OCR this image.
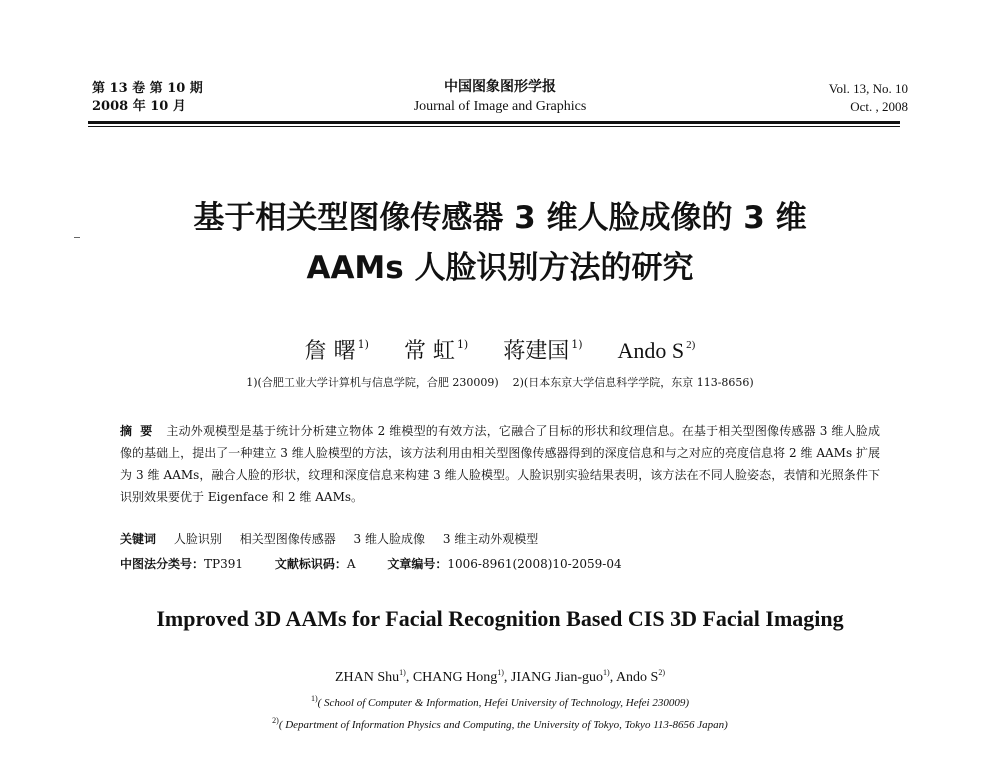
第 13 卷 第 10 期
2008 年 10 月
中国图象图形学报
Journal of Image and Graphics
Vol. 13, No. 10
Oct. , 2008
基于相关型图像传感器 3 维人脸成像的 3 维
AAMs 人脸识别方法的研究
詹 曙 $^{1)}$ 常 虹 $^{1)}$ 蒋建国 $^{1)}$ Ando S $^{2)}$
1)(合肥工业大学计算机与信息学院，合肥 230009) 2)(日本东京大学信息科学学院，东京 113-8656)
摘要 主动外观模型是基于统计分析建立物体 2 维模型的有效方法，它融合了目标的形状和纹理信息。在基于相关型图像传感器 3 维人脸成像的基础上，提出了一种建立 3 维人脸模型的方法，该方法利用由相关型图像传感器得到的深度信息和与之对应的亮度信息将 2 维 AAMs 扩展为 3 维 AAMs，融合人脸的形状，纹理和深度信息来构建 3 维人脸模型。人脸识别实验结果表明，该方法在不同人脸姿态，表情和光照条件下识别效果要优于 Eigenface 和 2 维 AAMs。
关键词 人脸识别 相关型图像传感器 3 维人脸成像 3 维主动外观模型
中图法分类号：TP391	文献标识码：A	文章编号：1006-8961(2008)10-2059-04
Improved 3D AAMs for Facial Recognition Based CIS 3D Facial Imaging
ZHAN Shu$^{1)}$, CHANG Hong$^{1)}$, JIANG Jian-guo$^{1)}$, Ando $S^{2)}$
$^{1)}$( School of Computer & Information, Hefei University of Technology, Hefei 230009)
$^{2)}$( Department of Information Physics and Computing, the University of Tokyo, Tokyo 113-8656 Japan)
